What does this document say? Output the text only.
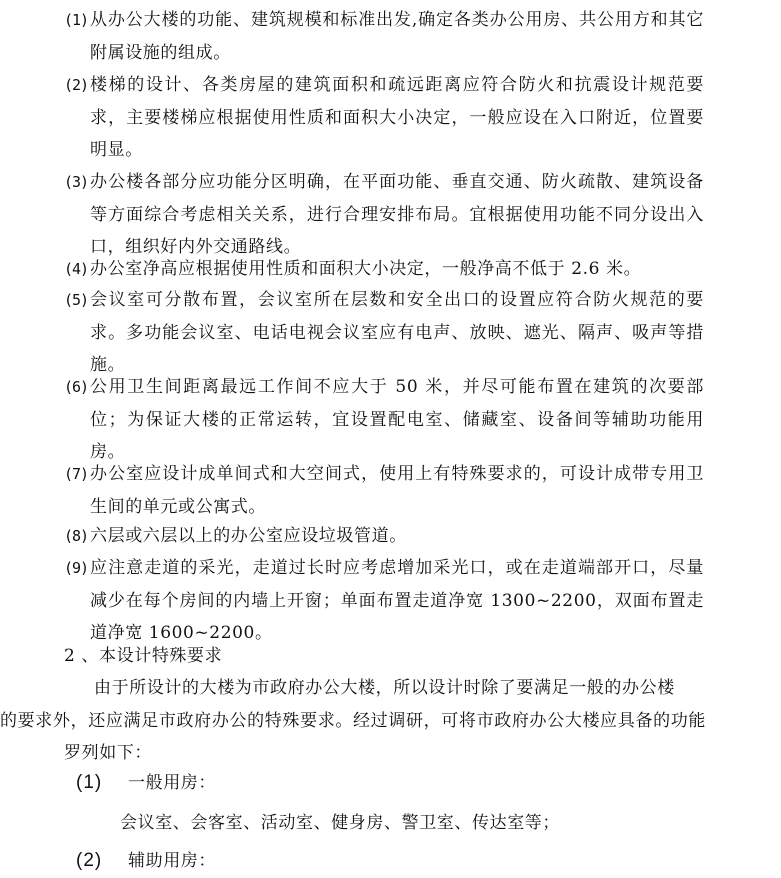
(1) 从办公大楼的功能、建筑规模和标准出发,确定各类办公用房、共公用方和其它附属设施的组成。
(2) 楼梯的设计、各类房屋的建筑面积和疏远距离应符合防火和抗震设计规范要求，主要楼梯应根据使用性质和面积大小决定，一般应设在入口附近，位置要明显。
(3) 办公楼各部分应功能分区明确，在平面功能、垂直交通、防火疏散、建筑设备等方面综合考虑相关关系，进行合理安排布局。宜根据使用功能不同分设出入口，组织好内外交通路线。
(4) 办公室净高应根据使用性质和面积大小决定，一般净高不低于 2.6 米。
(5) 会议室可分散布置，会议室所在层数和安全出口的设置应符合防火规范的要求。多功能会议室、电话电视会议室应有电声、放映、遮光、隔声、吸声等措施。
(6) 公用卫生间距离最远工作间不应大于 50 米，并尽可能布置在建筑的次要部位；为保证大楼的正常运转，宜设置配电室、储藏室、设备间等辅助功能用房。
(7) 办公室应设计成单间式和大空间式，使用上有特殊要求的，可设计成带专用卫生间的单元或公寓式。
(8) 六层或六层以上的办公室应设垃圾管道。
(9) 应注意走道的采光，走道过长时应考虑增加采光口，或在走道端部开口，尽量减少在每个房间的内墙上开窗；单面布置走道净宽 1300~2200，双面布置走道净宽 1600~2200。
2 、本设计特殊要求
由于所设计的大楼为市政府办公大楼，所以设计时除了要满足一般的办公楼
的要求外，还应满足市政府办公的特殊要求。经过调研，可将市政府办公大楼应具备的功能罗列如下：
(1) 一般用房：
会议室、会客室、活动室、健身房、警卫室、传达室等；
(2) 辅助用房：
